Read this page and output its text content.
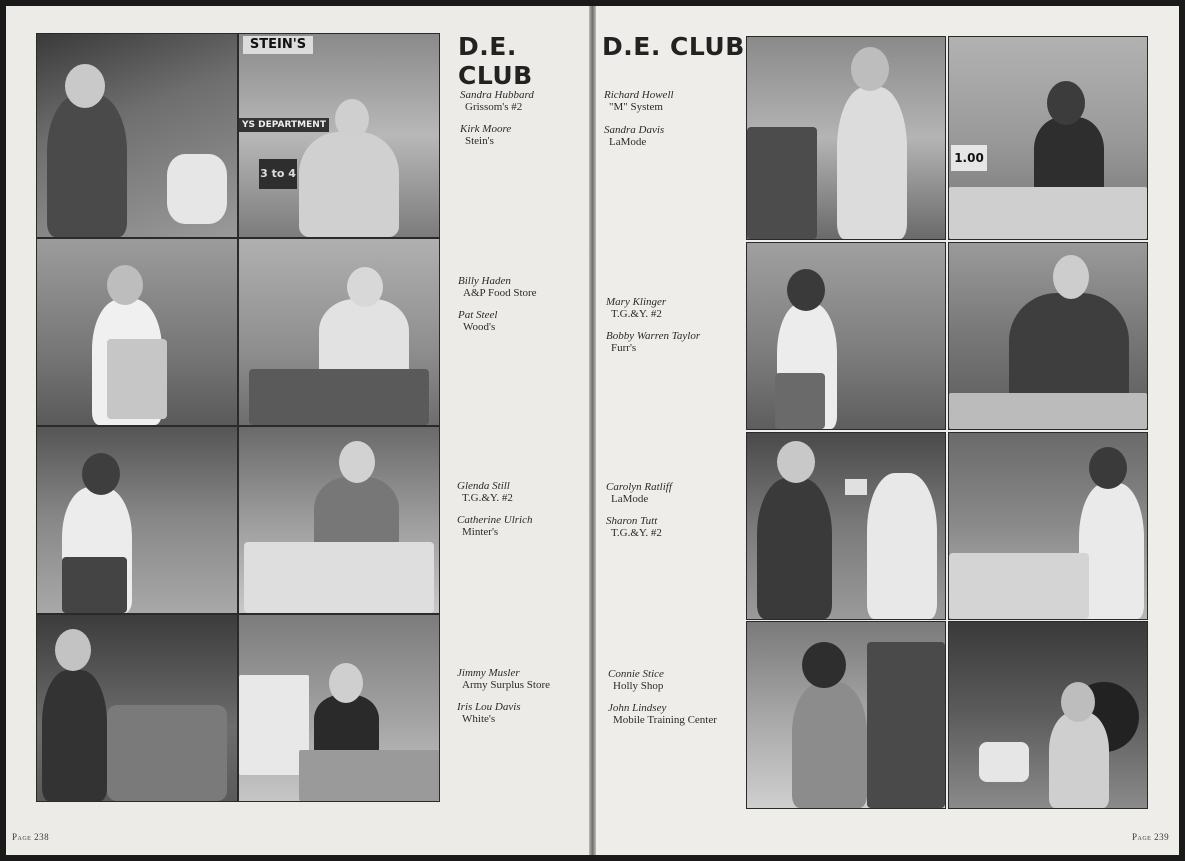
STEIN'S
YS DEPARTMENT
3 to 4
D.E. CLUB
Sandra Hubbard
Grissom's #2
Kirk Moore
Stein's
Billy Haden
A&P Food Store
Pat Steel
Wood's
Glenda Still
T.G.&Y. #2
Catherine Ulrich
Minter's
Jimmy Musler
Army Surplus Store
Iris Lou Davis
White's
Page 238
D.E. CLUB
Richard Howell
"M" System
Sandra Davis
LaMode
Mary Klinger
T.G.&Y. #2
Bobby Warren Taylor
Furr's
Carolyn Ratliff
LaMode
Sharon Tutt
T.G.&Y. #2
Connie Stice
Holly Shop
John Lindsey
Mobile Training Center
1.00
Page 239
